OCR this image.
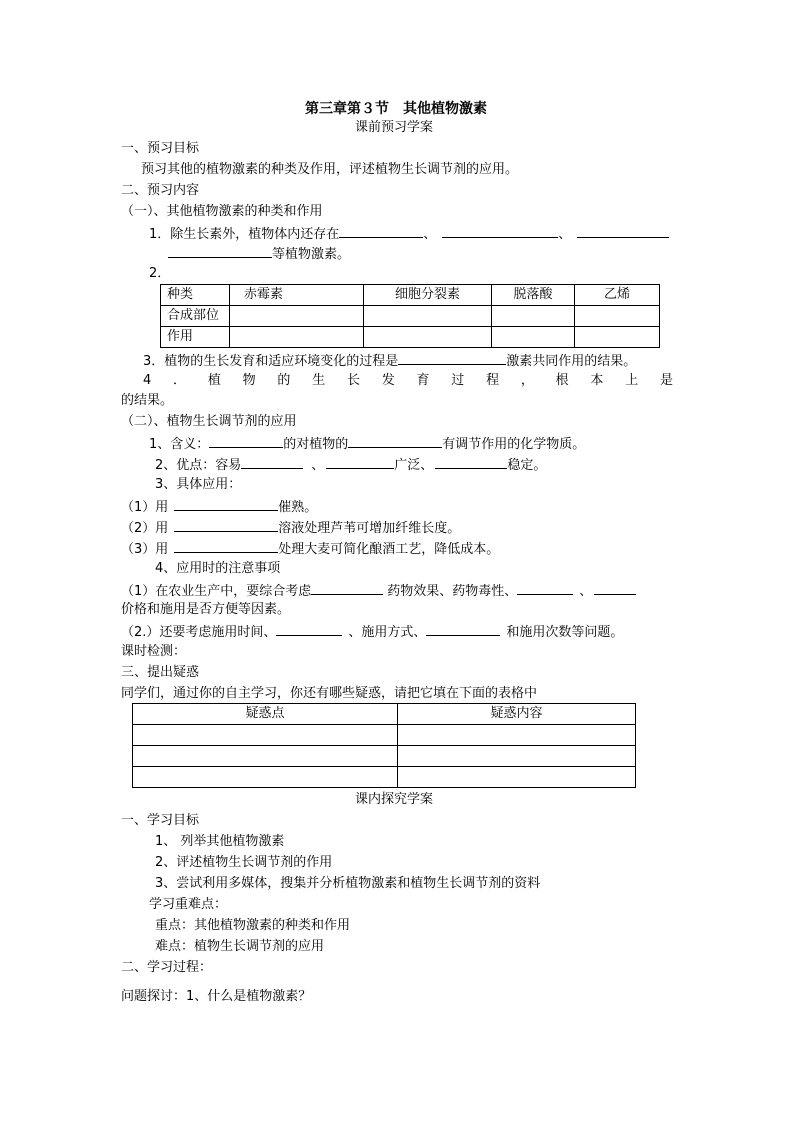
第三章第３节　其他植物激素
课前预习学案
一、预习目标
预习其他的植物激素的种类及作用，评述植物生长调节剂的应用。
二、预习内容
（一）、其他植物激素的种类和作用
1．除生长素外，植物体内还存在	、	、
等植物激素。
2．
种类	赤霉素	细胞分裂素	脱落酸	乙烯
合成部位				
作用				
3．植物的生长发育和适应环境变化的过程是	激素共同作用的结果。
4 ． 植 物 的 生 长 发 育 过 程 ， 根 本 上 是
的结果。
（二）、植物生长调节剂的应用
1、含义：	的对植物的	有调节作用的化学物质。
2、优点：容易	、	广泛、	稳定。
3、具体应用：
（1）用	催熟。
（2）用	溶液处理芦苇可增加纤维长度。
（3）用	处理大麦可简化酿酒工艺，降低成本。
4、应用时的注意事项
（1）在农业生产中，要综合考虑	药物效果、药物毒性、	、
价格和施用是否方便等因素。
（2.）还要考虑施用时间、	、施用方式、	和施用次数等问题。
课时检测：
三、提出疑惑
同学们，通过你的自主学习，你还有哪些疑惑，请把它填在下面的表格中
疑惑点	疑惑内容

课内探究学案
一、学习目标
1、 列举其他植物激素
2、评述植物生长调节剂的作用
3、尝试利用多媒体，搜集并分析植物激素和植物生长调节剂的资料
学习重难点：
重点：其他植物激素的种类和作用
难点：植物生长调节剂的应用
二、学习过程：
问题探讨：1、什么是植物激素？
